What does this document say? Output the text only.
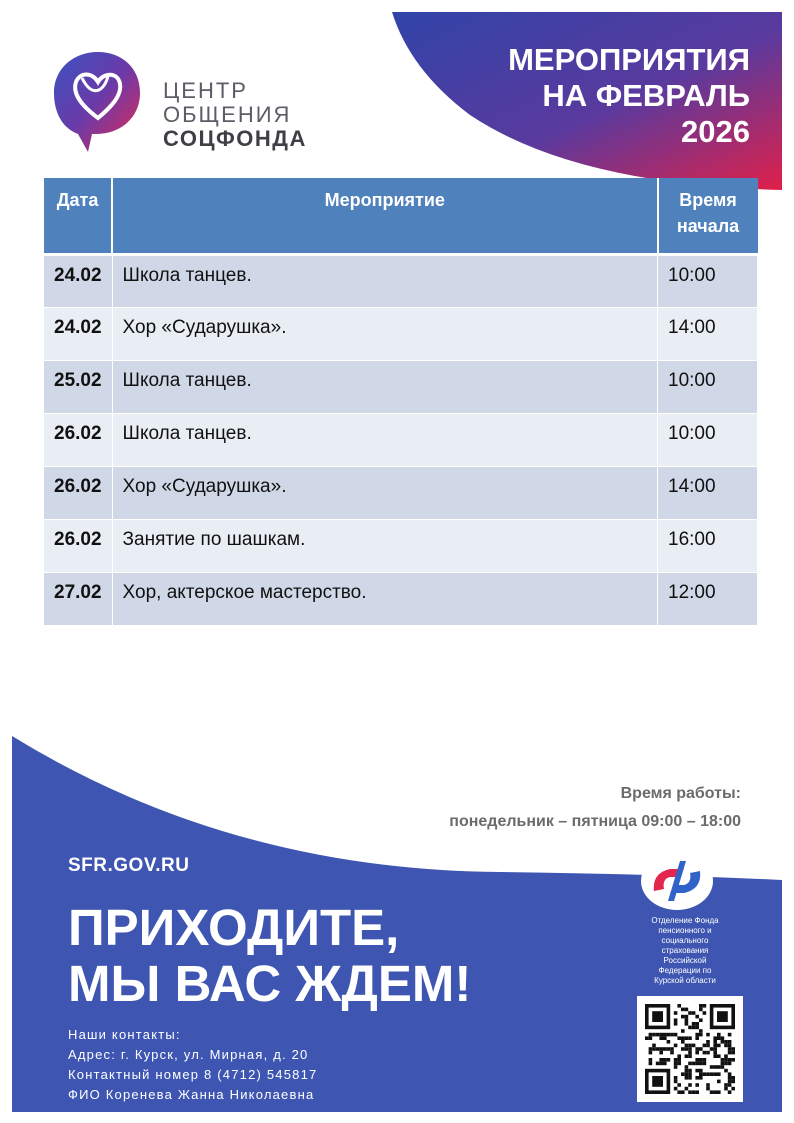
ЦЕНТР
ОБЩЕНИЯ
СОЦФОНДА
МЕРОПРИЯТИЯ
НА ФЕВРАЛЬ
2026
Дата	Мероприятие	Время
начала
24.02	Школа танцев.	10:00
24.02	Хор «Сударушка».	14:00
25.02	Школа танцев.	10:00
26.02	Школа танцев.	10:00
26.02	Хор «Сударушка».	14:00
26.02	Занятие по шашкам.	16:00
27.02	Хор, актерское мастерство.	12:00
Время работы:
понедельник – пятница 09:00 – 18:00
SFR.GOV.RU
ПРИХОДИТЕ,
МЫ ВАС ЖДЕМ!
Наши контакты:
Адрес: г. Курск, ул. Мирная, д. 20
Контактный номер 8 (4712) 545817
ФИО Коренева Жанна Николаевна
Отделение Фонда
пенсионного и
социального
страхования
Российской
Федерации по
Курской области
